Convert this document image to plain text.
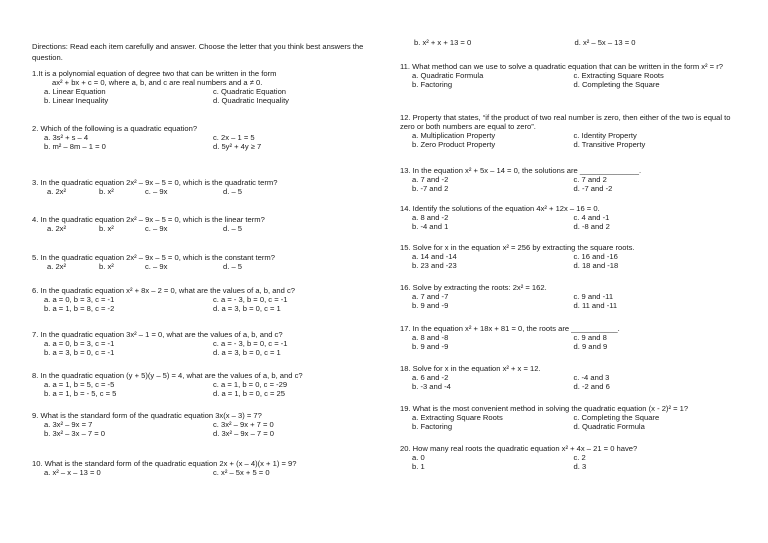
Directions: Read each item carefully and answer. Choose the letter that you think best answers the question.

1.It is a polynomial equation of degree two that can be written in the form

ax² + bx + c = 0, where a, b, and c are real numbers and a ≠ 0.
a. Linear Equation	c. Quadratic Equation
b. Linear Inequality	d. Quadratic Inequality

2. Which of the following is a quadratic equation?

a. 3s² + s – 4	c. 2x – 1 = 5
b. m² – 8m – 1 = 0	d. 5y² + 4y ≥ 7

3. In the quadratic equation 2x² – 9x – 5 = 0, which is the quadratic term?

a. 2x²	b. x²	c. – 9x	d. – 5

4. In the quadratic equation 2x² – 9x – 5 = 0, which is the linear term?

a. 2x²	b. x²	c. – 9x	d. – 5

5. In the quadratic equation 2x² – 9x – 5 = 0, which is the constant term?

a. 2x²	b. x²	c. – 9x	d. – 5

6. In the quadratic equation x² + 8x – 2 = 0, what are the values of a, b, and c?

a. a = 0, b = 3, c = -1	c. a = - 3, b = 0, c = -1
b. a = 1, b = 8, c = -2	d. a = 3, b = 0, c = 1

7. In the quadratic equation 3x² – 1 = 0, what are the values of a, b, and c?

a. a = 0, b = 3, c = -1	c. a = - 3, b = 0, c = -1
b. a = 3, b = 0, c = -1	d. a = 3, b = 0, c = 1

8. In the quadratic equation (y + 5)(y – 5) = 4, what are the values of a, b, and c?

a. a = 1, b = 5, c = -5	c. a = 1, b = 0, c = -29
b. a = 1, b = - 5, c = 5	d. a = 1, b = 0, c = 25

9. What is the standard form of the quadratic equation 3x(x – 3) = 7?

a. 3x² – 9x = 7	c. 3x² – 9x + 7 = 0
b. 3x² – 3x – 7 = 0	d. 3x² – 9x – 7 = 0

10. What is the standard form of the quadratic equation 2x + (x – 4)(x + 1) = 9?

a. x² – x – 13 = 0	c. x² – 5x + 5 = 0
b. x² + x + 13 = 0	d. x² – 5x – 13 = 0

11. What method can we use to solve a quadratic equation that can be written in the form x² = r?

a. Quadratic Formula	c. Extracting Square Roots
b. Factoring	d. Completing the Square

12. Property that states, “if the product of two real number is zero, then either of the two is equal to zero or both numbers are equal to zero”.

a. Multiplication Property	c. Identity Property
b. Zero Product Property	d. Transitive Property

13. In the equation x² + 5x – 14 = 0, the solutions are ______________.

a. 7 and -2	c. 7 and 2
b. -7 and 2	d. -7 and -2

14. Identify the solutions of the equation 4x² + 12x – 16 = 0.

a. 8 and -2	c. 4 and -1
b. -4 and 1	d. -8 and 2

15. Solve for x in the equation x² = 256 by extracting the square roots.

a. 14 and -14	c. 16 and -16
b. 23 and -23	d. 18 and -18

16. Solve by extracting the roots: 2x² = 162.

a. 7 and -7	c. 9 and -11
b. 9 and -9	d. 11 and -11

17. In the equation x² + 18x + 81 = 0, the roots are ___________.

a. 8 and -8	c. 9 and 8
b. 9 and -9	d. 9 and 9

18. Solve for x in the equation x² + x = 12.

a. 6 and -2	c. -4 and 3
b. -3 and -4	d. -2 and 6

19. What is the most convenient method in solving the quadratic equation (x - 2)² = 1?

a. Extracting Square Roots	c. Completing the Square
b. Factoring	d. Quadratic Formula

20. How many real roots the quadratic equation x² + 4x – 21 = 0 have?

a. 0	c. 2
b. 1	d. 3
